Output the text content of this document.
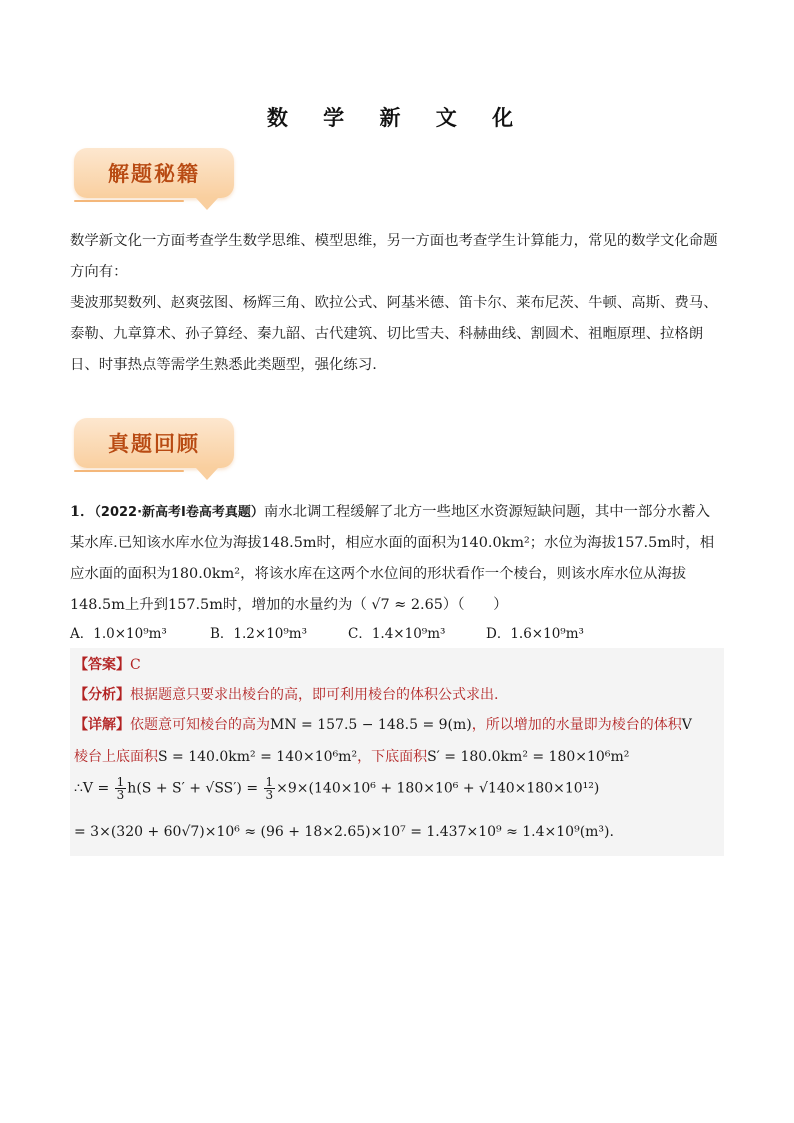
数 学 新 文 化
解题秘籍
数学新文化一方面考查学生数学思维、模型思维，另一方面也考查学生计算能力，常见的数学文化命题方向有：
斐波那契数列、赵爽弦图、杨辉三角、欧拉公式、阿基米德、笛卡尔、莱布尼茨、牛顿、高斯、费马、泰勒、九章算术、孙子算经、秦九韶、古代建筑、切比雪夫、科赫曲线、割圆术、祖暅原理、拉格朗日、时事热点等需学生熟悉此类题型，强化练习.
真题回顾
1．（2022·新高考Ⅰ卷高考真题）南水北调工程缓解了北方一些地区水资源短缺问题，其中一部分水蓄入某水库.已知该水库水位为海拔148.5m时，相应水面的面积为140.0km²；水位为海拔157.5m时，相应水面的面积为180.0km²，将该水库在这两个水位间的形状看作一个棱台，则该水库水位从海拔148.5m上升到157.5m时，增加的水量约为（ √7 ≈ 2.65）（　　）
A．1.0×10⁹m³	B．1.2×10⁹m³	C．1.4×10⁹m³	D．1.6×10⁹m³
【答案】C
【分析】根据题意只要求出棱台的高，即可利用棱台的体积公式求出.
【详解】依题意可知棱台的高为MN = 157.5 − 148.5 = 9(m)，所以增加的水量即为棱台的体积V
棱台上底面积S = 140.0km² = 140×10⁶m²，下底面积S′ = 180.0km² = 180×10⁶m²
∴V = $\frac{1}{3} h(S + S' + √SS') = \frac{1}{3} \times 9\times(140\times 10^6 + 180\times 10^6 + √140\times 180\times 10^{12})$
= 3×(320 + 60√7)×10⁶ ≈ (96 + 18×2.65)×10⁷ = 1.437×10⁹ ≈ 1.4×10⁹(m³).
